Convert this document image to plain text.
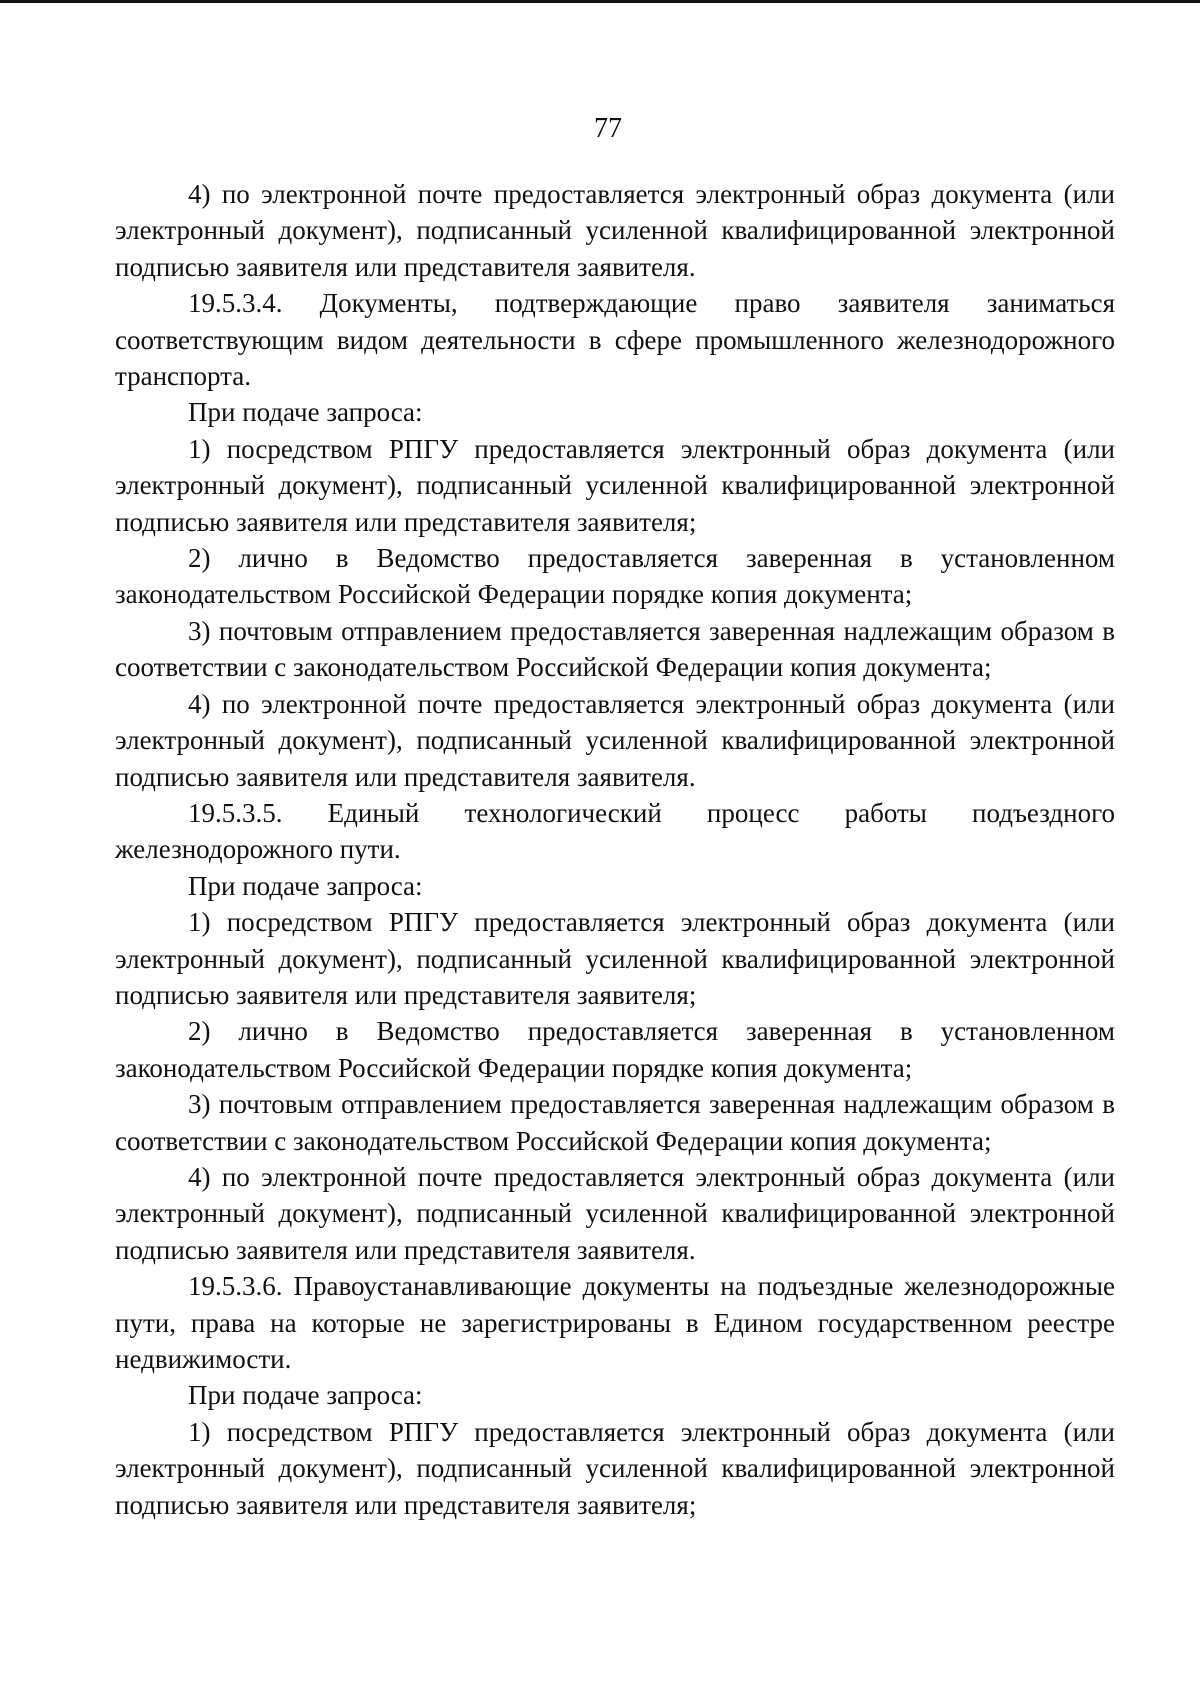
77

4) по электронной почте предоставляется электронный образ документа (или электронный документ), подписанный усиленной квалифицированной электронной подписью заявителя или представителя заявителя.

19.5.3.4. Документы, подтверждающие право заявителя заниматься соответствующим видом деятельности в сфере промышленного железнодорожного транспорта.

При подаче запроса:

1) посредством РПГУ предоставляется электронный образ документа (или электронный документ), подписанный усиленной квалифицированной электронной подписью заявителя или представителя заявителя;

2) лично в Ведомство предоставляется заверенная в установленном законодательством Российской Федерации порядке копия документа;

3) почтовым отправлением предоставляется заверенная надлежащим образом в соответствии с законодательством Российской Федерации копия документа;

4) по электронной почте предоставляется электронный образ документа (или электронный документ), подписанный усиленной квалифицированной электронной подписью заявителя или представителя заявителя.

19.5.3.5. Единый технологический процесс работы подъездного железнодорожного пути.

При подаче запроса:

1) посредством РПГУ предоставляется электронный образ документа (или электронный документ), подписанный усиленной квалифицированной электронной подписью заявителя или представителя заявителя;

2) лично в Ведомство предоставляется заверенная в установленном законодательством Российской Федерации порядке копия документа;

3) почтовым отправлением предоставляется заверенная надлежащим образом в соответствии с законодательством Российской Федерации копия документа;

4) по электронной почте предоставляется электронный образ документа (или электронный документ), подписанный усиленной квалифицированной электронной подписью заявителя или представителя заявителя.

19.5.3.6. Правоустанавливающие документы на подъездные железнодорожные пути, права на которые не зарегистрированы в Едином государственном реестре недвижимости.

При подаче запроса:

1) посредством РПГУ предоставляется электронный образ документа (или электронный документ), подписанный усиленной квалифицированной электронной подписью заявителя или представителя заявителя;
